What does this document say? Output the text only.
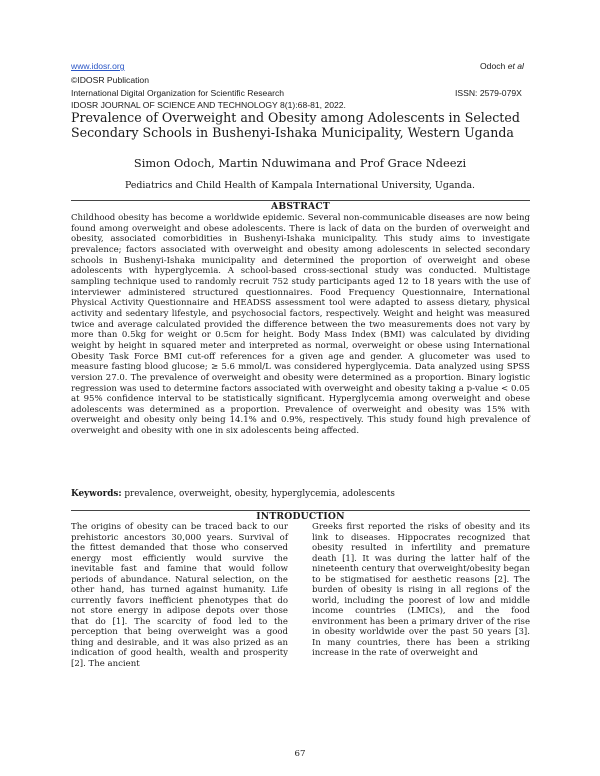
www.idosr.org	Odoch et al
©IDOSR Publication
International Digital Organization for Scientific Research	ISSN: 2579-079X
IDOSR JOURNAL OF SCIENCE AND TECHNOLOGY 8(1):68-81, 2022.
Prevalence of Overweight and Obesity among Adolescents in Selected Secondary Schools in Bushenyi-Ishaka Municipality, Western Uganda
Simon Odoch, Martin Nduwimana and Prof Grace Ndeezi
Pediatrics and Child Health of Kampala International University, Uganda.
ABSTRACT
Childhood obesity has become a worldwide epidemic. Several non-communicable diseases are now being found among overweight and obese adolescents. There is lack of data on the burden of overweight and obesity, associated comorbidities in Bushenyi-Ishaka municipality. This study aims to investigate prevalence; factors associated with overweight and obesity among adolescents in selected secondary schools in Bushenyi-Ishaka municipality and determined the proportion of overweight and obese adolescents with hyperglycemia. A school-based cross-sectional study was conducted. Multistage sampling technique used to randomly recruit 752 study participants aged 12 to 18 years with the use of interviewer administered structured questionnaires. Food Frequency Questionnaire, International Physical Activity Questionnaire and HEADSS assessment tool were adapted to assess dietary, physical activity and sedentary lifestyle, and psychosocial factors, respectively. Weight and height was measured twice and average calculated provided the difference between the two measurements does not vary by more than 0.5kg for weight or 0.5cm for height. Body Mass Index (BMI) was calculated by dividing weight by height in squared meter and interpreted as normal, overweight or obese using International Obesity Task Force BMI cut-off references for a given age and gender. A glucometer was used to measure fasting blood glucose; ≥ 5.6 mmol/L was considered hyperglycemia. Data analyzed using SPSS version 27.0. The prevalence of overweight and obesity were determined as a proportion. Binary logistic regression was used to determine factors associated with overweight and obesity taking a p-value < 0.05 at 95% confidence interval to be statistically significant. Hyperglycemia among overweight and obese adolescents was determined as a proportion. Prevalence of overweight and obesity was 15% with overweight and obesity only being 14.1% and 0.9%, respectively. This study found high prevalence of overweight and obesity with one in six adolescents being affected.
Keywords: prevalence, overweight, obesity, hyperglycemia, adolescents
INTRODUCTION
The origins of obesity can be traced back to our prehistoric ancestors 30,000 years. Survival of the fittest demanded that those who conserved energy most efficiently would survive the inevitable fast and famine that would follow periods of abundance. Natural selection, on the other hand, has turned against humanity. Life currently favors inefficient phenotypes that do not store energy in adipose depots over those that do [1]. The scarcity of food led to the perception that being overweight was a good thing and desirable, and it was also prized as an indication of good health, wealth and prosperity [2]. The ancient
Greeks first reported the risks of obesity and its link to diseases. Hippocrates recognized that obesity resulted in infertility and premature death [1]. It was during the latter half of the nineteenth century that overweight/obesity began to be stigmatised for aesthetic reasons [2]. The burden of obesity is rising in all regions of the world, including the poorest of low and middle income countries (LMICs), and the food environment has been a primary driver of the rise in obesity worldwide over the past 50 years [3]. In many countries, there has been a striking increase in the rate of overweight and
67
